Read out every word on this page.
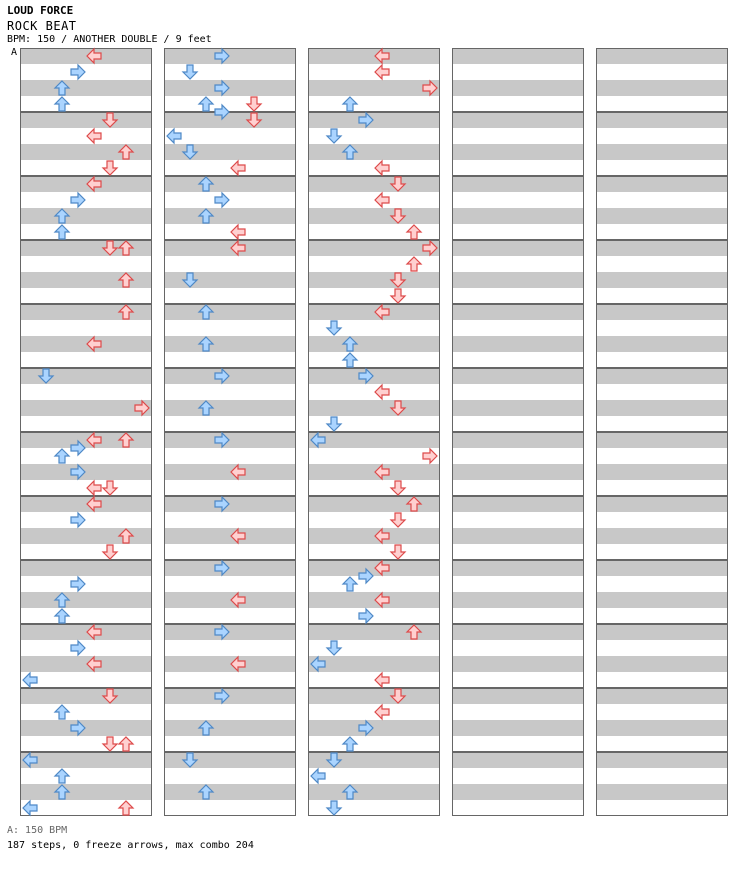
LOUD FORCE
ROCK BEAT
BPM: 150 / ANOTHER DOUBLE / 9 feet
A
A: 150 BPM
187 steps, 0 freeze arrows, max combo 204
